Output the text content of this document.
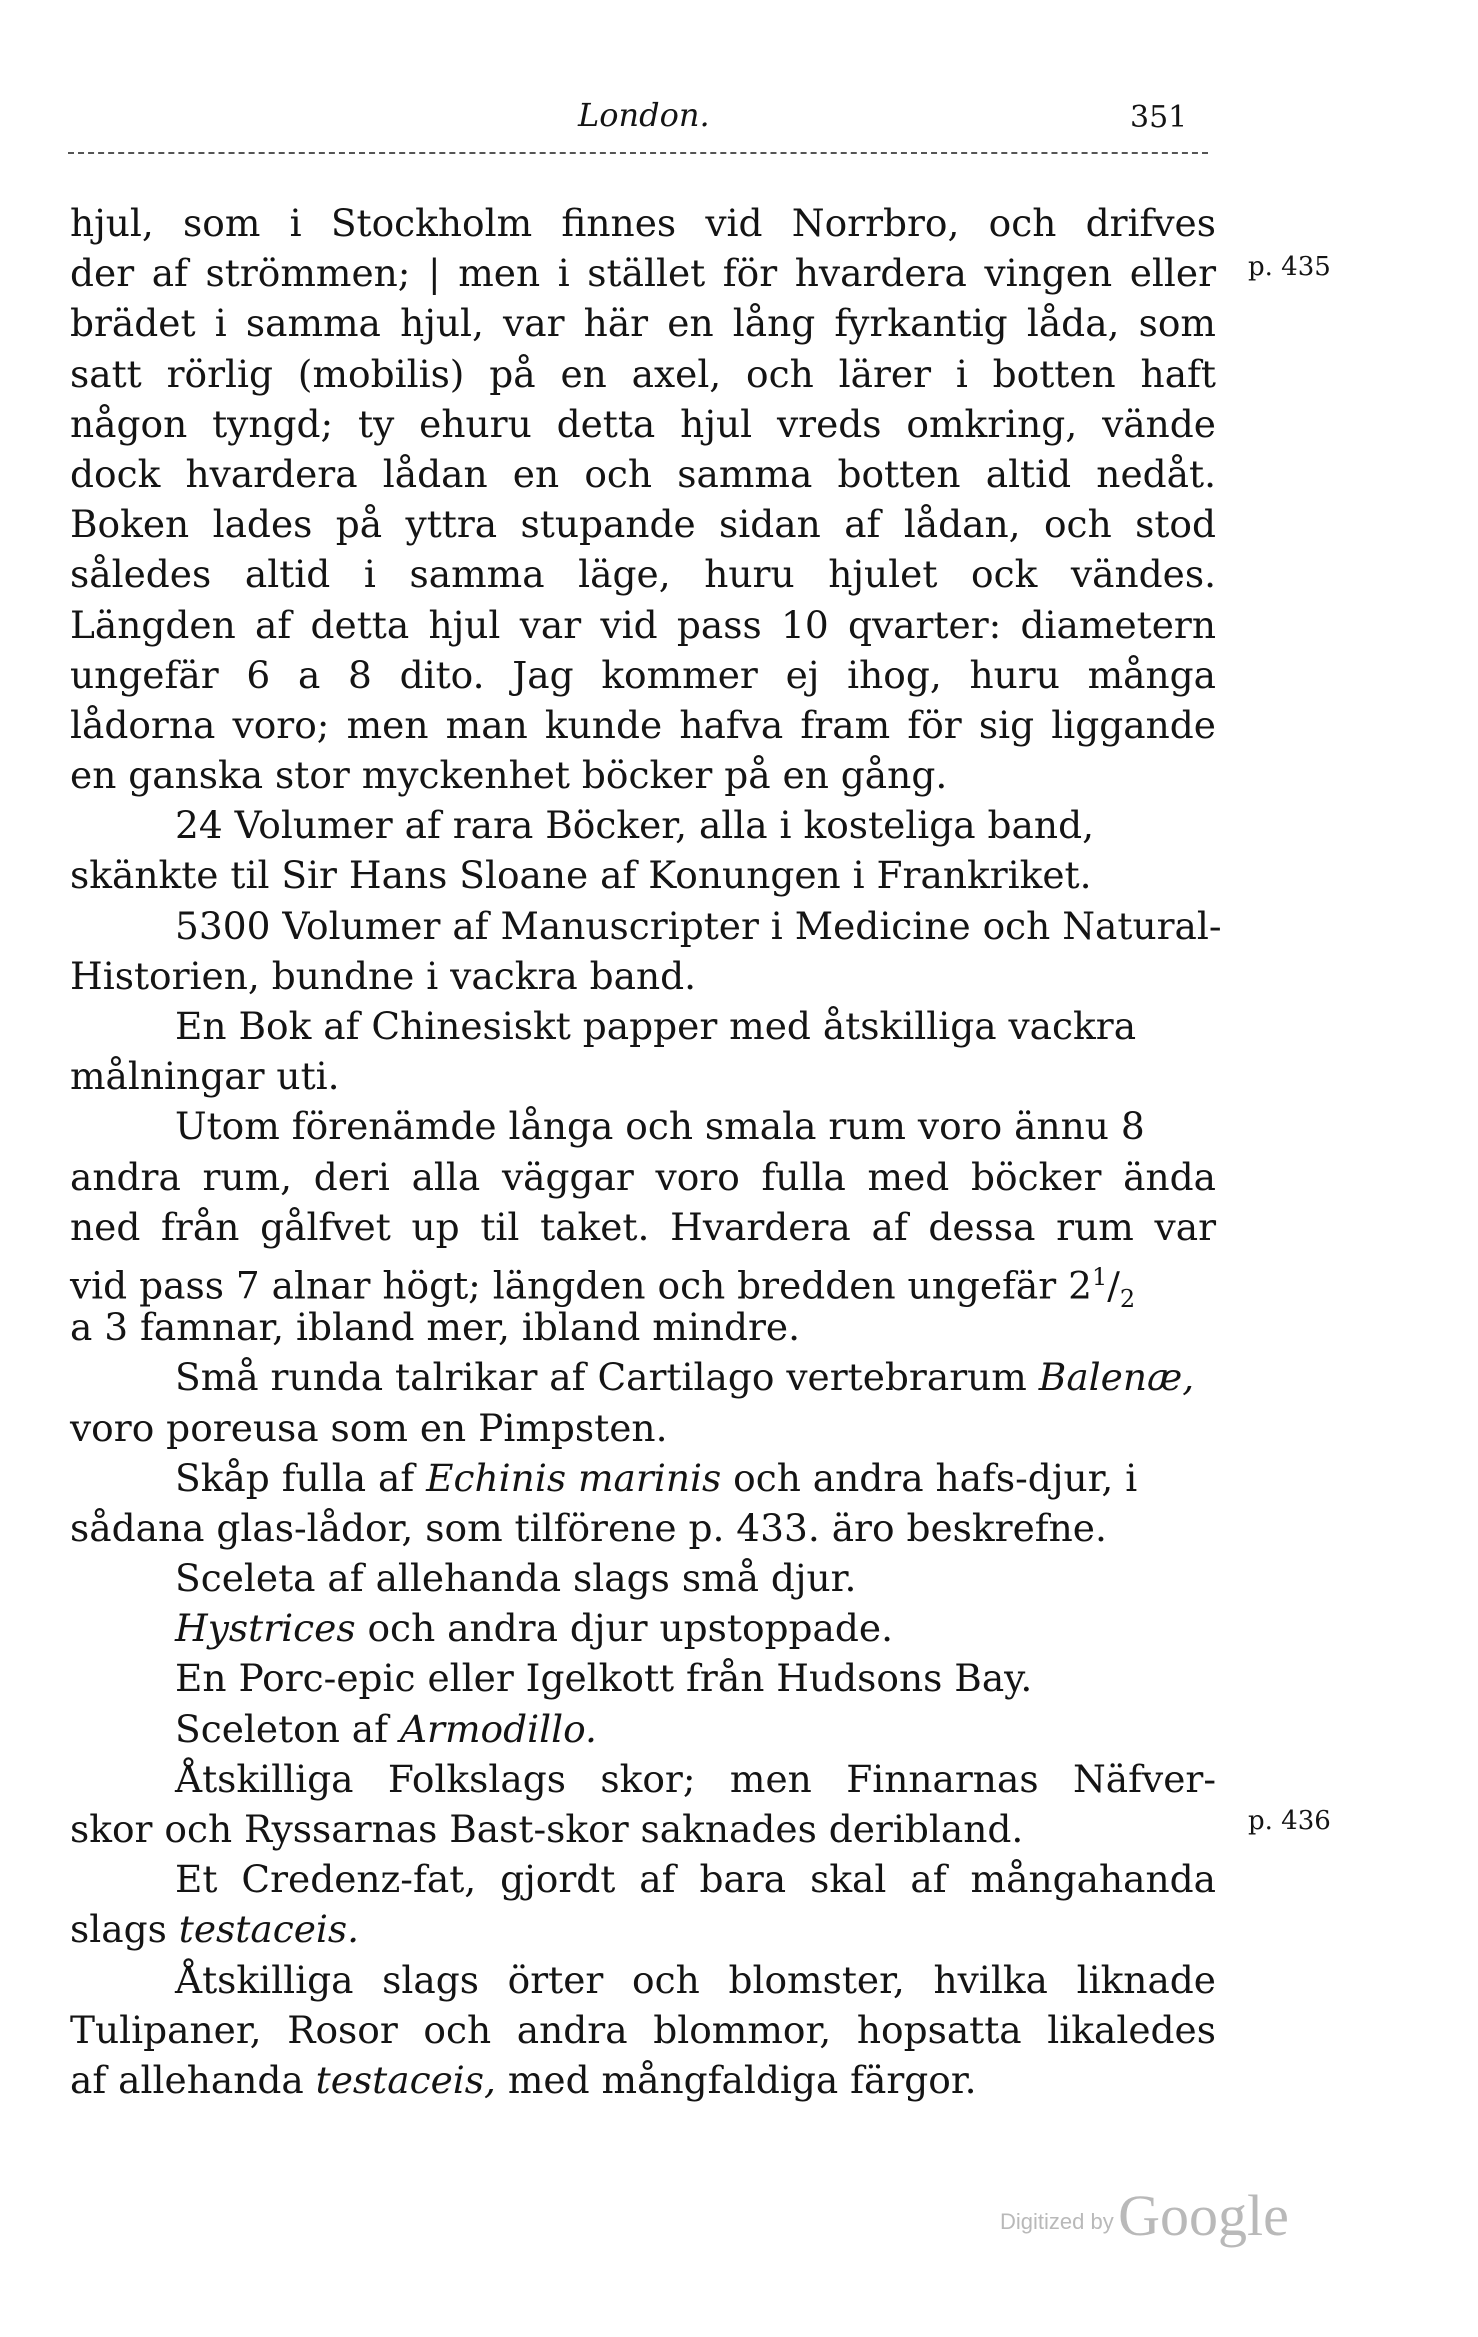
London.	351
p. 435
p. 436
hjul, som i Stockholm finnes vid Norrbro, och drifves
der af strömmen; | men i stället för hvardera vingen eller
brädet i samma hjul, var här en lång fyrkantig låda, som
satt rörlig (mobilis) på en axel, och lärer i botten haft
någon tyngd; ty ehuru detta hjul vreds omkring, vände
dock hvardera lådan en och samma botten altid nedåt.
Boken lades på yttra stupande sidan af lådan, och stod
således altid i samma läge, huru hjulet ock vändes.
Längden af detta hjul var vid pass 10 qvarter: diametern
ungefär 6 a 8 dito. Jag kommer ej ihog, huru många
lådorna voro; men man kunde hafva fram för sig liggande
en ganska stor myckenhet böcker på en gång.
24 Volumer af rara Böcker, alla i kosteliga band,
skänkte til Sir Hans Sloane af Konungen i Frankriket.
5300 Volumer af Manuscripter i Medicine och Natural-
Historien, bundne i vackra band.
En Bok af Chinesiskt papper med åtskilliga vackra
målningar uti.
Utom förenämde långa och smala rum voro ännu 8
andra rum, deri alla väggar voro fulla med böcker ända
ned från gålfvet up til taket. Hvardera af dessa rum var
vid pass 7 alnar högt; längden och bredden ungefär $2^1/_2$
a 3 famnar, ibland mer, ibland mindre.
Små runda talrikar af Cartilago vertebrarum Balenæ,
voro poreusa som en Pimpsten.
Skåp fulla af Echinis marinis och andra hafs-djur, i
sådana glas-lådor, som tilförene p. 433. äro beskrefne.
Sceleta af allehanda slags små djur.
Hystrices och andra djur upstoppade.
En Porc-epic eller Igelkott från Hudsons Bay.
Sceleton af Armodillo.
Åtskilliga Folkslags skor; men Finnarnas Näfver-
skor och Ryssarnas Bast-skor saknades deribland.
Et Credenz-fat, gjordt af bara skal af mångahanda
slags testaceis.
Åtskilliga slags örter och blomster, hvilka liknade
Tulipaner, Rosor och andra blommor, hopsatta likaledes
af allehanda testaceis, med mångfaldiga färgor.
Digitized by Google
